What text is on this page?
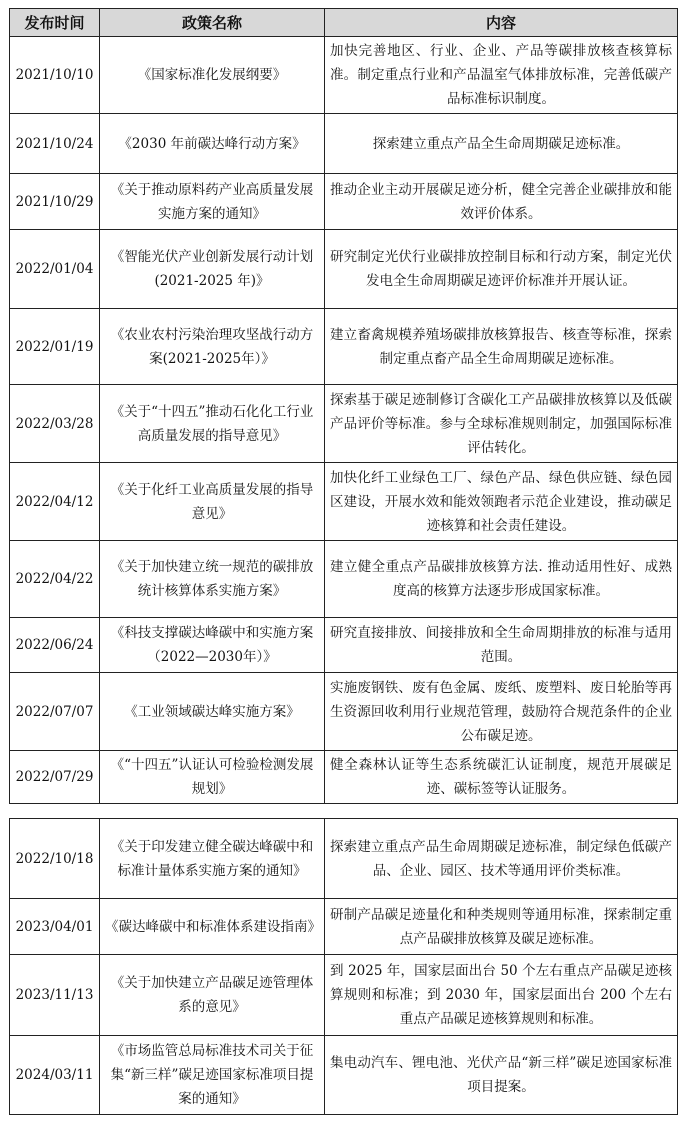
发布时间	政策名称	内容
2021/10/10	《国家标准化发展纲要》	加快完善地区、行业、企业、产品等碳排放核查核算标准。制定重点行业和产品温室气体排放标准，完善低碳产品标准标识制度。
2021/10/24	《2030 年前碳达峰行动方案》	探索建立重点产品全生命周期碳足迹标准。
2021/10/29	《关于推动原料药产业高质量发展实施方案的通知》	推动企业主动开展碳足迹分析，健全完善企业碳排放和能效评价体系。
2022/01/04	《智能光伏产业创新发展行动计划 (2021-2025 年)》	研究制定光伏行业碳排放控制目标和行动方案，制定光伏发电全生命周期碳足迹评价标准并开展认证。
2022/01/19	《农业农村污染治理攻坚战行动方案(2021-2025年）》	建立畜禽规模养殖场碳排放核算报告、核查等标准，探索制定重点畜产品全生命周期碳足迹标准。
2022/03/28	《关于“十四五”推动石化化工行业高质量发展的指导意见》	探索基于碳足迹制修订含碳化工产品碳排放核算以及低碳产品评价等标准。参与全球标准规则制定，加强国际标准评估转化。
2022/04/12	《关于化纤工业高质量发展的指导意见》	加快化纤工业绿色工厂、绿色产品、绿色供应链、绿色园区建设，开展水效和能效领跑者示范企业建设，推动碳足迹核算和社会责任建设。
2022/04/22	《关于加快建立统一规范的碳排放统计核算体系实施方案》	建立健全重点产品碳排放核算方法. 推动适用性好、成熟度高的核算方法逐步形成国家标准。
2022/06/24	《科技支撑碳达峰碳中和实施方案（2022—2030年）》	研究直接排放、间接排放和全生命周期排放的标准与适用范围。
2022/07/07	《工业领域碳达峰实施方案》	实施废钢铁、废有色金属、废纸、废塑料、废日轮胎等再生资源回收利用行业规范管理，鼓励符合规范条件的企业公布碳足迹。
2022/07/29	《“十四五”认证认可检验检测发展规划》	健全森林认证等生态系统碳汇认证制度，规范开展碳足迹、碳标签等认证服务。
2022/10/18	《关于印发建立健全碳达峰碳中和标准计量体系实施方案的通知》	探索建立重点产品生命周期碳足迹标准，制定绿色低碳产品、企业、园区、技术等通用评价类标准。
2023/04/01	《碳达峰碳中和标准体系建设指南》	研制产品碳足迹量化和种类规则等通用标准，探索制定重点产品碳排放核算及碳足迹标准。
2023/11/13	《关于加快建立产品碳足迹管理体系的意见》	到 2025 年，国家层面出台 50 个左右重点产品碳足迹核算规则和标准；到 2030 年，国家层面出台 200 个左右重点产品碳足迹核算规则和标准。
2024/03/11	《市场监管总局标准技术司关于征集“新三样”碳足迹国家标准项目提案的通知》	集电动汽车、锂电池、光伏产品“新三样”碳足迹国家标准项目提案。
